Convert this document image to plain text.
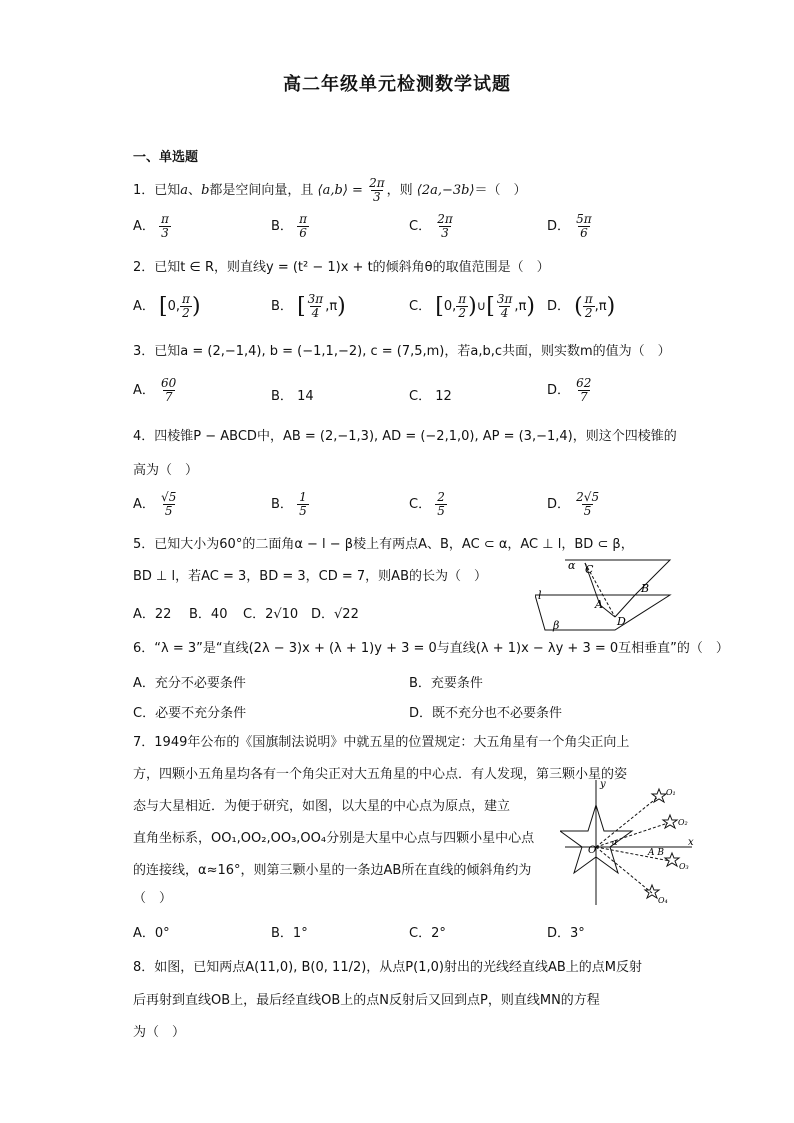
高二年级单元检测数学试题
一、单选题
1．已知a、b都是空间向量，且 ⟨a,b⟩ = $\frac{2\pi}{3}$ ，则 ⟨2a,−3b⟩＝（　）
A． $\frac{\pi}{3}$	B． $\frac{\pi}{6}$	C． $\frac{2\pi}{3}$	D． $\frac{5\pi}{6}$
2．已知t ∈ R，则直线y = (t² − 1)x + t的倾斜角θ的取值范围是（　）
A． [0, $\frac{\pi}{2}$ )	B． [ $\frac{3\pi}{4} ,\pi$)	C． [0, $\frac{\pi}{2}$ )∪[ $\frac{3\pi}{4} ,\pi$) D． ( $\frac{\pi}{2} ,\pi$)
3．已知a = (2,−1,4), b = (−1,1,−2), c = (7,5,m)，若a,b,c共面，则实数m的值为（　）
A． $\frac{60}{7}$	B． 14	C． 12	D． $\frac{62}{7}$
4．四棱锥P − ABCD中，AB = (2,−1,3), AD = (−2,1,0), AP = (3,−1,4)，则这个四棱锥的
高为（　）
A． $\frac{√5}{5}$	B． $\frac{1}{5}$	C． $\frac{2}{5}$	D． $\frac{2√5}{5}$
5．已知大小为60°的二面角α − l − β棱上有两点A、B，AC ⊂ α，AC ⊥ l，BD ⊂ β，
BD ⊥ l，若AC = 3，BD = 3，CD = 7，则AB的长为（　）
A．22 B．40 C．2√10 D．√22
α C
A
B
D
β
l
6．“λ = 3”是“直线(2λ − 3)x + (λ + 1)y + 3 = 0与直线(λ + 1)x − λy + 3 = 0互相垂直”的（　）
A．充分不必要条件	B．充要条件
C．必要不充分条件	D．既不充分也不必要条件
7．1949年公布的《国旗制法说明》中就五星的位置规定：大五角星有一个角尖正向上
方，四颗小五角星均各有一个角尖正对大五角星的中心点．有人发现，第三颗小星的姿
态与大星相近．为便于研究，如图，以大星的中心点为原点，建立
直角坐标系，OO₁,OO₂,OO₃,OO₄分别是大星中心点与四颗小星中心点
的连接线，α≈16°，则第三颗小星的一条边AB所在直线的倾斜角约为
（　）
A．0°	B．1°	C．2°	D．3°
y
x
O
O₁
O₂
O₃
O₄
α
A B
8．如图，已知两点A(11,0), B(0, 11/2)，从点P(1,0)射出的光线经直线AB上的点M反射
后再射到直线OB上，最后经直线OB上的点N反射后又回到点P，则直线MN的方程
为（　）
